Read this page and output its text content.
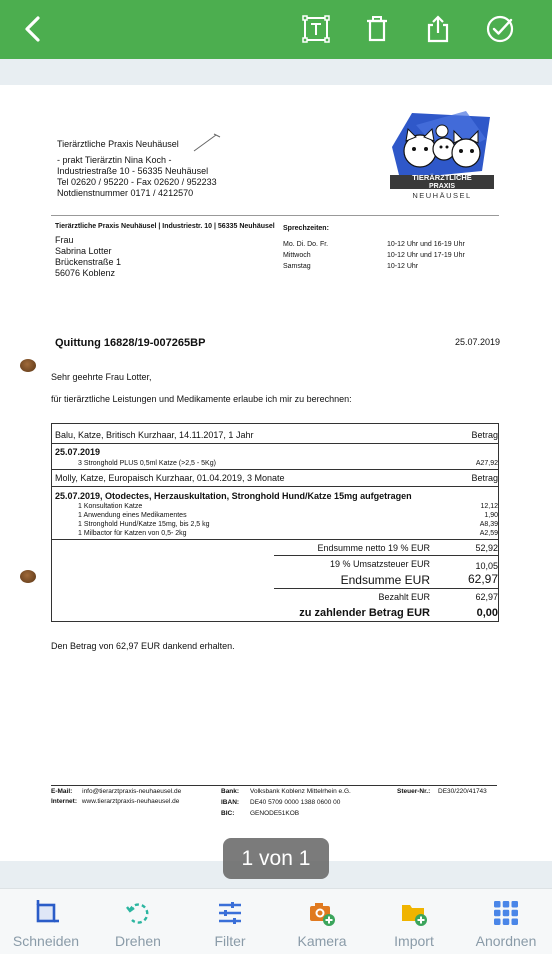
Tierärztliche Praxis Neuhäusel
- prakt Tierärztin Nina Koch -
Industriestraße 10 - 56335 Neuhäusel
Tel 02620 / 95220 - Fax 02620 / 952233
Notdienstnummer 0171 / 4212570
TIERÄRZTLICHE
PRAXIS
NEUHÄUSEL
Tierärztliche Praxis Neuhäusel | Industriestr. 10 | 56335 Neuhäusel
Frau
Sabrina Lotter
Brückenstraße 1
56076 Koblenz
Sprechzeiten:
Mo. Di. Do. Fr.	10-12 Uhr und 16-19 Uhr
Mittwoch	10-12 Uhr und 17-19 Uhr
Samstag	10-12 Uhr
Quittung 16828/19-007265BP	25.07.2019
Sehr geehrte Frau Lotter,
für tierärztliche Leistungen und Medikamente erlaube ich mir zu berechnen:
Balu, Katze, Britisch Kurzhaar, 14.11.2017, 1 Jahr	Betrag
25.07.2019
3 Stronghold PLUS 0,5ml Katze (>2,5 - 5Kg)	A27,92
Molly, Katze, Europaisch Kurzhaar, 01.04.2019, 3 Monate	Betrag
25.07.2019, Otodectes, Herzauskultation, Stronghold Hund/Katze 15mg aufgetragen
1 Konsultation Katze	12,12
1 Anwendung eines Medikamentes	1,90
1 Stronghold Hund/Katze 15mg, bis 2,5 kg	A8,39
1 Milbactor für Katzen von 0,5- 2kg	A2,59
Endsumme netto 19 % EUR	52,92
19 % Umsatzsteuer EUR	10,05
Endsumme EUR	62,97
Bezahlt EUR	62,97
zu zahlender Betrag EUR	0,00
Den Betrag von 62,97 EUR dankend erhalten.
E-Mail: info@tierarztpraxis-neuhaeusel.de
Internet: www.tierarztpraxis-neuhaeusel.de
Bank: Volksbank Koblenz Mittelrhein e.G.
IBAN: DE40 5709 0000 1388 0600 00
BIC: GENODE51KOB
Steuer-Nr.: DE30/220/41743
1 von 1
Schneiden	Drehen	Filter	Kamera	Import	Anordnen
